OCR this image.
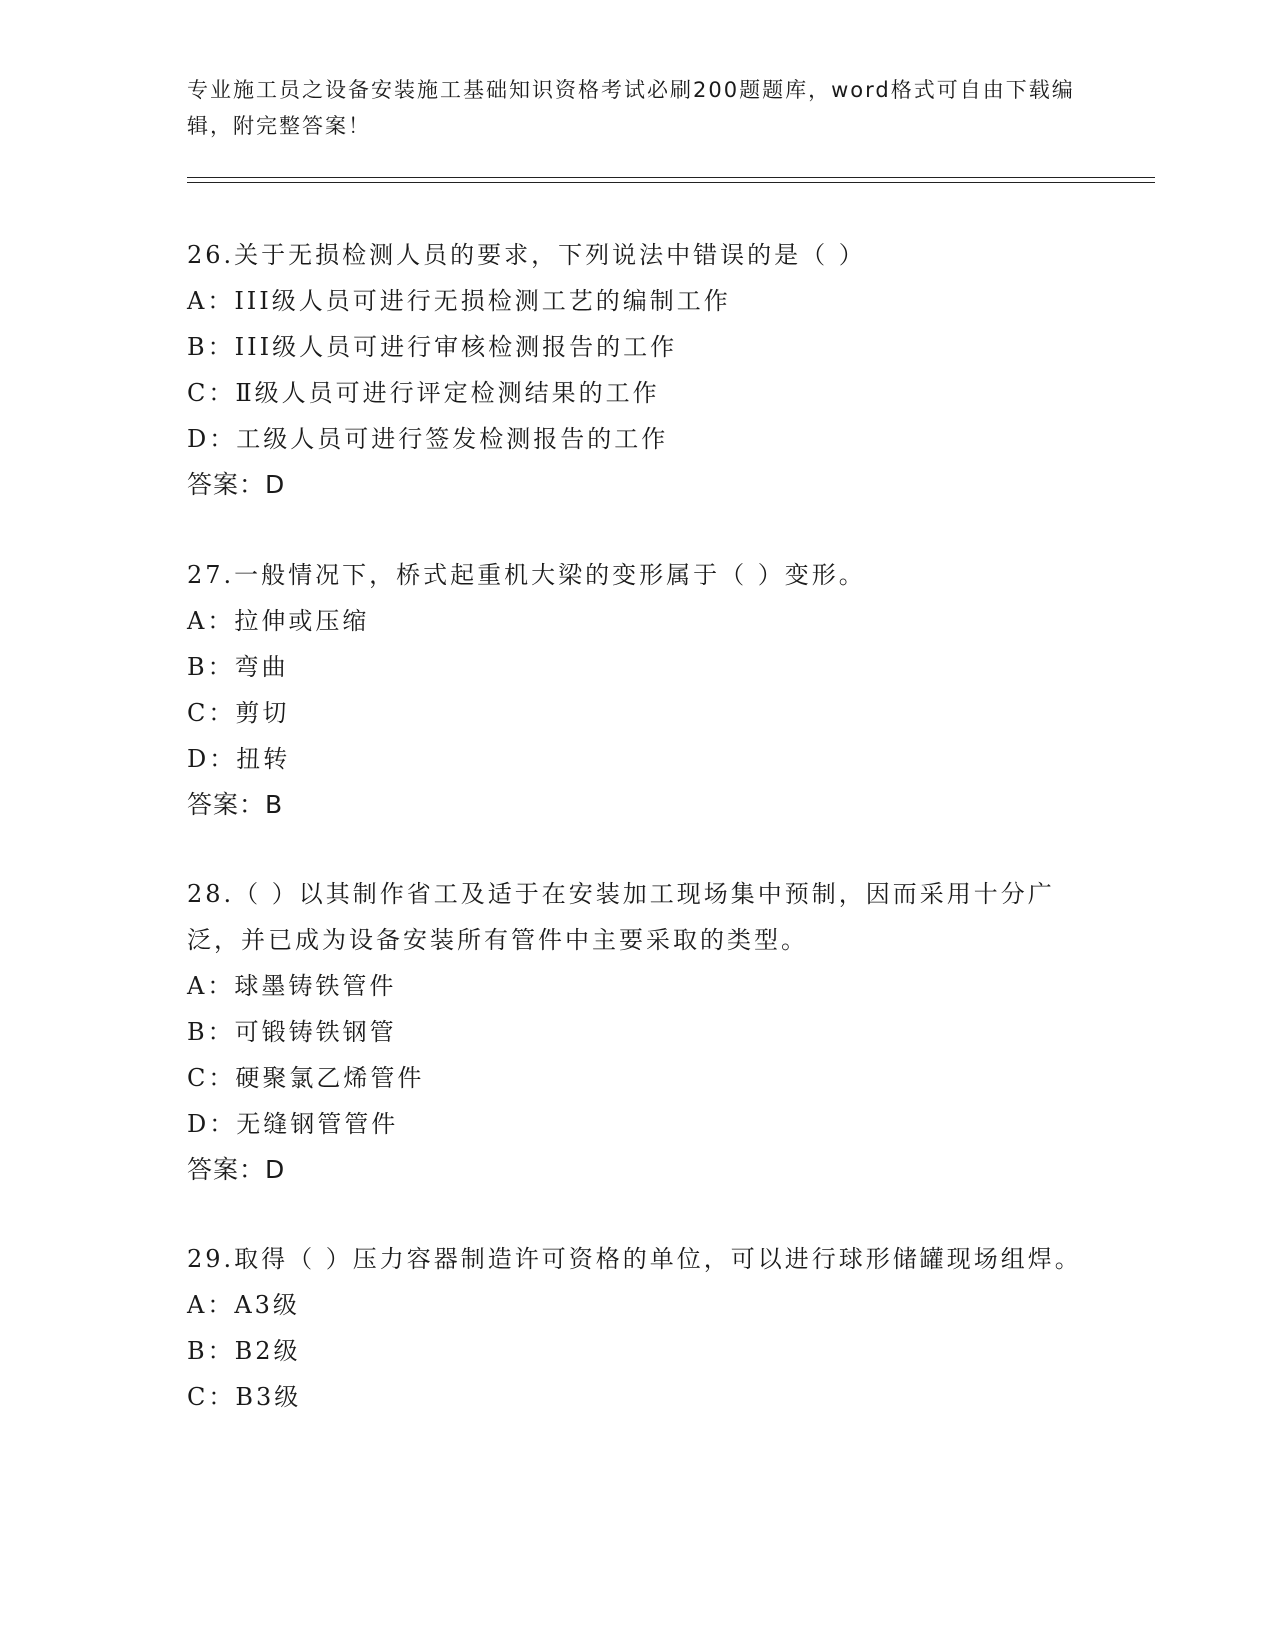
专业施工员之设备安装施工基础知识资格考试必刷200题题库，word格式可自由下载编辑，附完整答案！

26.关于无损检测人员的要求，下列说法中错误的是（ ）

A：III级人员可进行无损检测工艺的编制工作

B：III级人员可进行审核检测报告的工作

C：Ⅱ级人员可进行评定检测结果的工作

D：工级人员可进行签发检测报告的工作

答案：D

27.一般情况下，桥式起重机大梁的变形属于（ ）变形。

A：拉伸或压缩

B：弯曲

C：剪切

D：扭转

答案：B

28.（ ）以其制作省工及适于在安装加工现场集中预制，因而采用十分广泛，并已成为设备安装所有管件中主要采取的类型。

A：球墨铸铁管件

B：可锻铸铁钢管

C：硬聚氯乙烯管件

D：无缝钢管管件

答案：D

29.取得（ ）压力容器制造许可资格的单位，可以进行球形储罐现场组焊。

A：A3级

B：B2级

C：B3级
